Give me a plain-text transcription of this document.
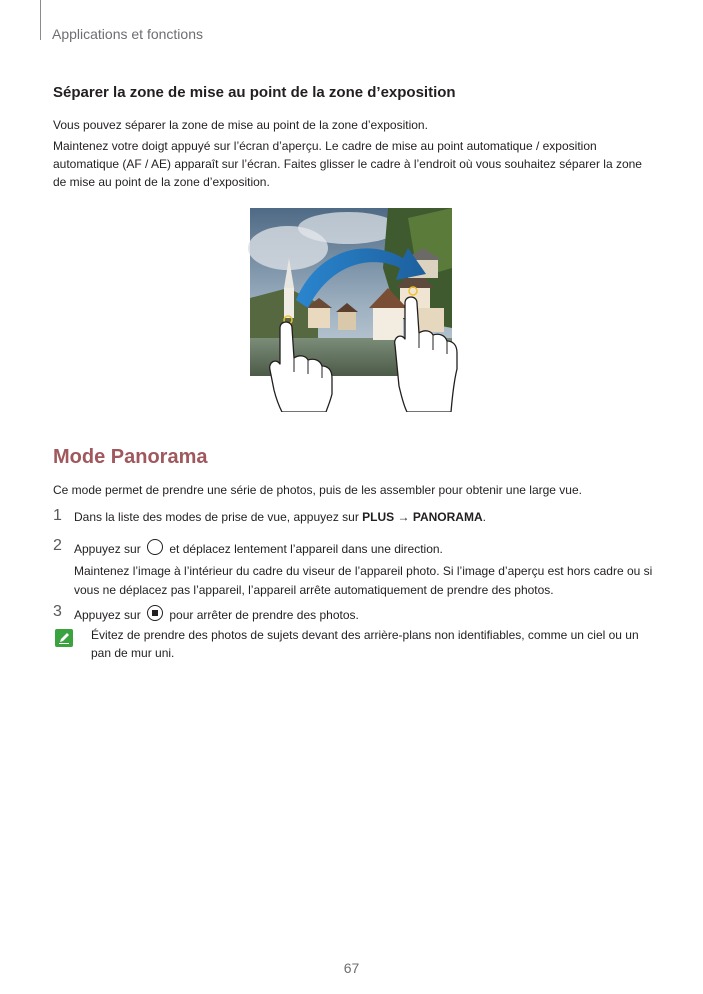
Applications et fonctions
Séparer la zone de mise au point de la zone d’exposition
Vous pouvez séparer la zone de mise au point de la zone d’exposition.
Maintenez votre doigt appuyé sur l’écran d’aperçu. Le cadre de mise au point automatique / exposition automatique (AF / AE) apparaît sur l’écran. Faites glisser le cadre à l’endroit où vous souhaitez séparer la zone de mise au point de la zone d’exposition.
Mode Panorama
Ce mode permet de prendre une série de photos, puis de les assembler pour obtenir une large vue.
1 Dans la liste des modes de prise de vue, appuyez sur PLUS → PANORAMA.
2 Appuyez sur  et déplacez lentement l’appareil dans une direction.
Maintenez l’image à l’intérieur du cadre du viseur de l’appareil photo. Si l’image d’aperçu est hors cadre ou si vous ne déplacez pas l’appareil, l’appareil arrête automatiquement de prendre des photos.
3 Appuyez sur  pour arrêter de prendre des photos.
Évitez de prendre des photos de sujets devant des arrière-plans non identifiables, comme un ciel ou un pan de mur uni.
67
